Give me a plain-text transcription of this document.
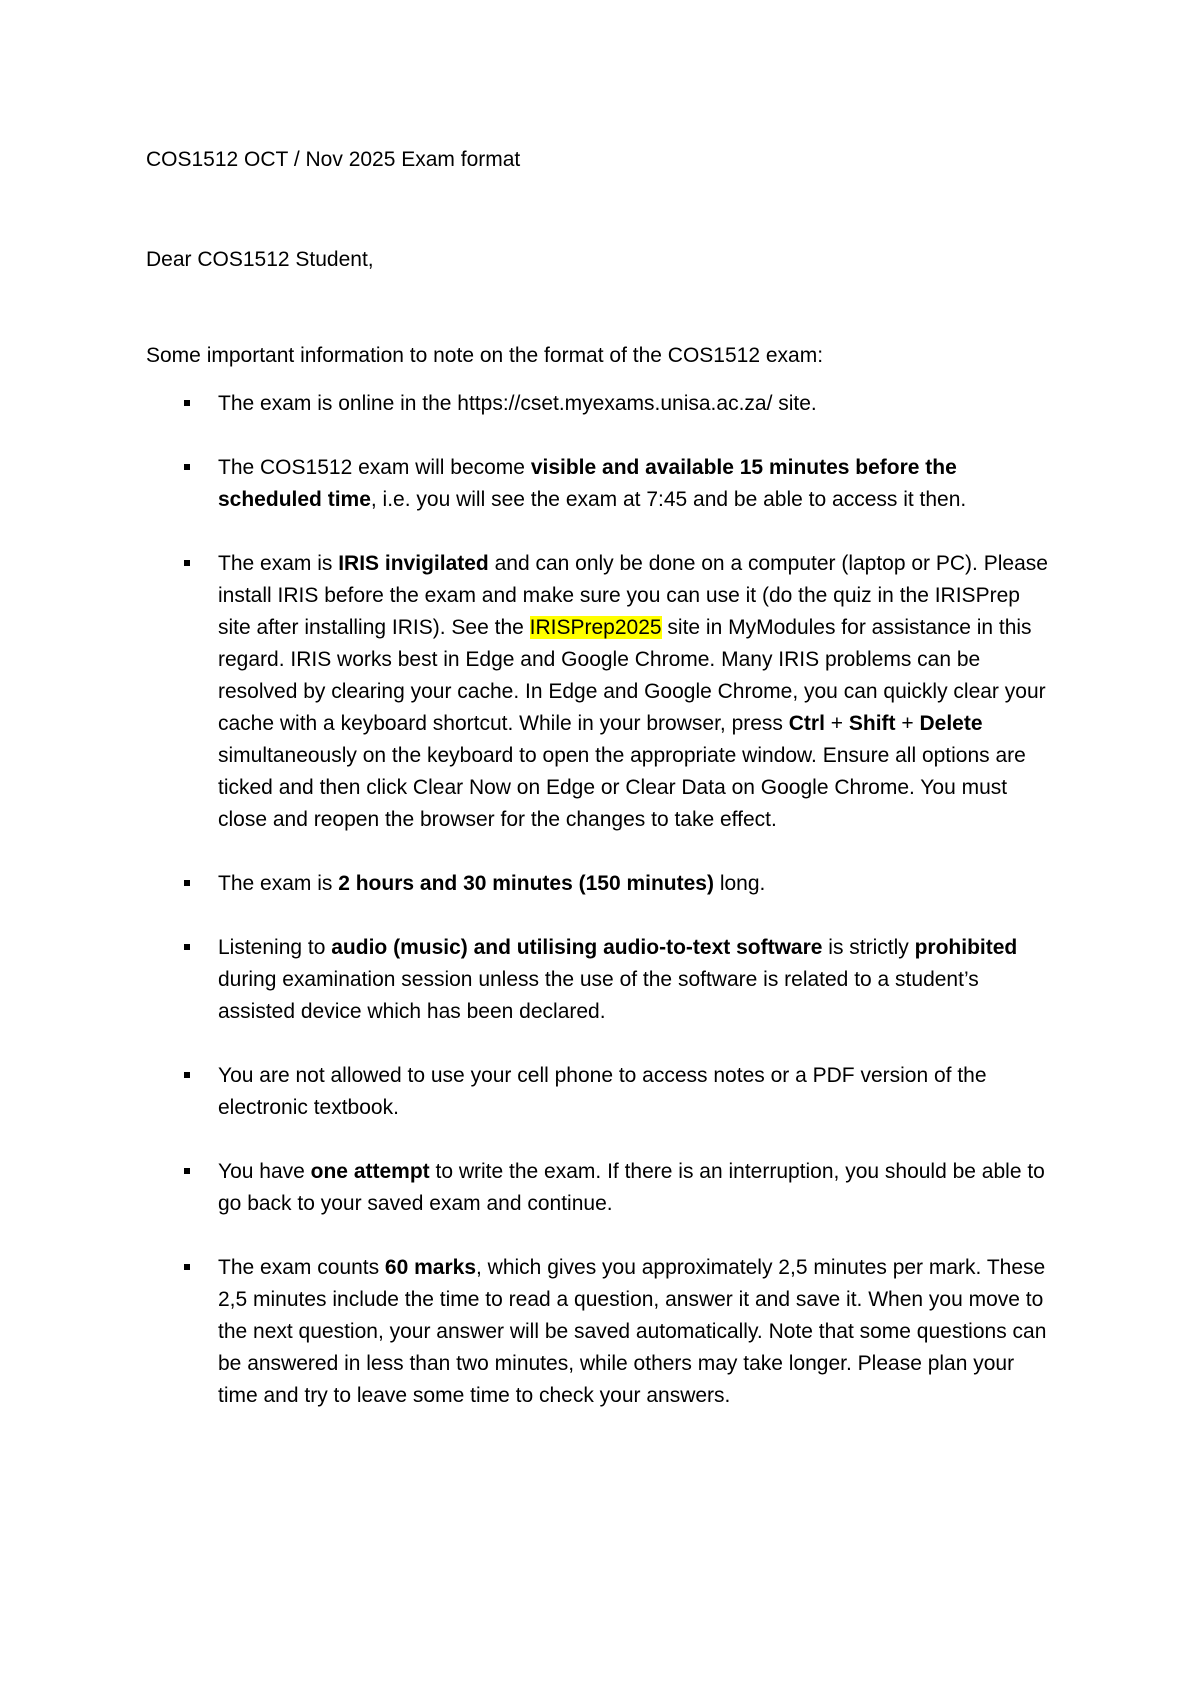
COS1512 OCT / Nov 2025 Exam format

Dear COS1512 Student,

Some important information to note on the format of the COS1512 exam:

The exam is online in the https://cset.myexams.unisa.ac.za/ site.
The COS1512 exam will become visible and available 15 minutes before the scheduled time, i.e. you will see the exam at 7:45 and be able to access it then.
The exam is IRIS invigilated and can only be done on a computer (laptop or PC). Please install IRIS before the exam and make sure you can use it (do the quiz in the IRISPrep site after installing IRIS). See the IRISPrep2025 site in MyModules for assistance in this regard. IRIS works best in Edge and Google Chrome. Many IRIS problems can be resolved by clearing your cache. In Edge and Google Chrome, you can quickly clear your cache with a keyboard shortcut. While in your browser, press Ctrl + Shift + Delete simultaneously on the keyboard to open the appropriate window. Ensure all options are ticked and then click Clear Now on Edge or Clear Data on Google Chrome. You must close and reopen the browser for the changes to take effect.
The exam is 2 hours and 30 minutes (150 minutes) long.
Listening to audio (music) and utilising audio-to-text software is strictly prohibited during examination session unless the use of the software is related to a student’s assisted device which has been declared.
You are not allowed to use your cell phone to access notes or a PDF version of the electronic textbook.
You have one attempt to write the exam. If there is an interruption, you should be able to go back to your saved exam and continue.
The exam counts 60 marks, which gives you approximately 2,5 minutes per mark. These 2,5 minutes include the time to read a question, answer it and save it. When you move to the next question, your answer will be saved automatically. Note that some questions can be answered in less than two minutes, while others may take longer. Please plan your time and try to leave some time to check your answers.
